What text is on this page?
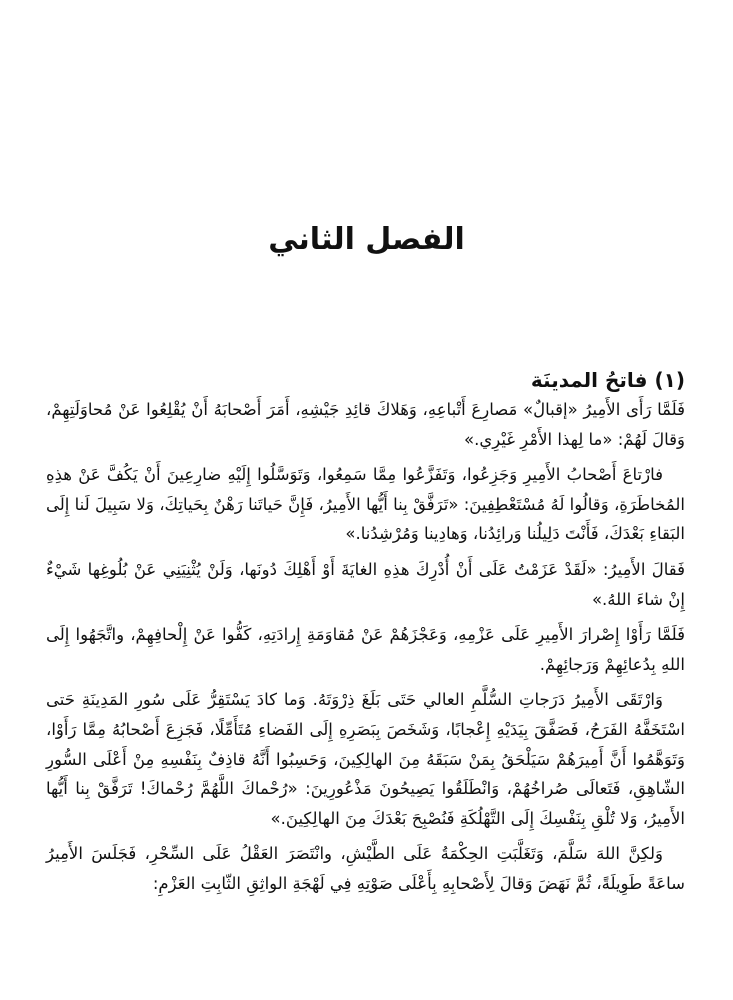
الفصل الثاني
(١) فاتحُ المدينَة

فَلَمَّا رَأَى الأَمِيرُ «إقبالٌ» مَصارِعَ أَتْباعِهِ، وَهَلاكَ قائِدِ جَيْشِهِ، أَمَرَ أَصْحابَهُ أَنْ يُقْلِعُوا عَنْ مُحاوَلَتِهِمْ، وَقالَ لَهُمْ: «ما لِهذا الأَمْرِ غَيْرِي.»

فارْتاعَ أَصْحابُ الأَمِيرِ وَجَزِعُوا، وَتَفَزَّعُوا مِمَّا سَمِعُوا، وَتَوَسَّلُوا إِلَيْهِ ضارِعِينَ أَنْ يَكُفَّ عَنْ هذِهِ المُخاطَرَةِ، وَقالُوا لَهُ مُسْتَعْطِفِينَ: «تَرَفَّقْ بِنا أَيُّها الأَمِيرُ، فَإِنَّ حَياتَنا رَهْنٌ بِحَياتِكَ، وَلا سَبِيلَ لَنا إِلَى البَقاءِ بَعْدَكَ، فَأَنْتَ دَلِيلُنا وَرائِدُنا، وَهادِينا وَمُرْشِدُنا.»

فَقالَ الأَمِيرُ: «لَقَدْ عَزَمْتُ عَلَى أَنْ أُدْرِكَ هذِهِ الغايَةَ أَوْ أَهْلِكَ دُونَها، وَلَنْ يُثْنِيَنِي عَنْ بُلُوغِها شَيْءٌ إِنْ شاءَ اللهُ.»

فَلَمَّا رَأَوْا إِصْرارَ الأَمِيرِ عَلَى عَزْمِهِ، وَعَجْزَهُمْ عَنْ مُقاوَمَةِ إِرادَتِهِ، كَفُّوا عَنْ إِلْحافِهِمْ، واتَّجَهُوا إِلَى اللهِ بِدُعائِهِمْ وَرَجائِهِمْ.

وَارْتَقَى الأَمِيرُ دَرَجاتِ السُّلَّمِ العالي حَتَى بَلَغَ ذِرْوَتَهُ. وَما كادَ يَسْتَقِرُّ عَلَى سُورِ المَدِينَةِ حَتى اسْتَخَفَّهُ الفَرَحُ، فَصَفَّقَ بِيَدَيْهِ إِعْجابًا، وَشَخَصَ بِبَصَرِهِ إِلَى الفَضاءِ مُتَأَمِّلًا، فَجَزِعَ أَصْحابُهُ مِمَّا رَأَوْا، وَتَوَهَّمُوا أَنَّ أَمِيرَهُمْ سَيَلْحَقُ بِمَنْ سَبَقَهُ مِنَ الهالِكِينَ، وَحَسِبُوا أَنَّهُ قاذِفٌ بِنَفْسِهِ مِنْ أَعْلَى السُّورِ الشّاهِقِ، فَتَعالَى صُراخُهُمْ، وَانْطَلَقُوا يَصِيحُونَ مَذْعُورِينَ: «رُحْماكَ اللَّهُمَّ رُحْماكَ! تَرَفَّقْ بِنا أَيُّها الأَمِيرُ، وَلا تُلْقِ بِنَفْسِكَ إِلَى التَّهْلُكَةِ فَنُصْبِحَ بَعْدَكَ مِنَ الهالِكِينَ.»

وَلكِنَّ اللهَ سَلَّمَ، وَتَغَلَّبَتِ الحِكْمَةُ عَلَى الطَّيْشِ، وانْتَصَرَ العَقْلُ عَلَى السِّحْرِ، فَجَلَسَ الأَمِيرُ ساعَةً طَوِيلَةً، ثُمَّ نَهَضَ وَقالَ لِأَصْحابِهِ بِأَعْلَى صَوْتِهِ فِي لَهْجَةِ الواثِقِ الثّابِتِ العَزْمِ:
